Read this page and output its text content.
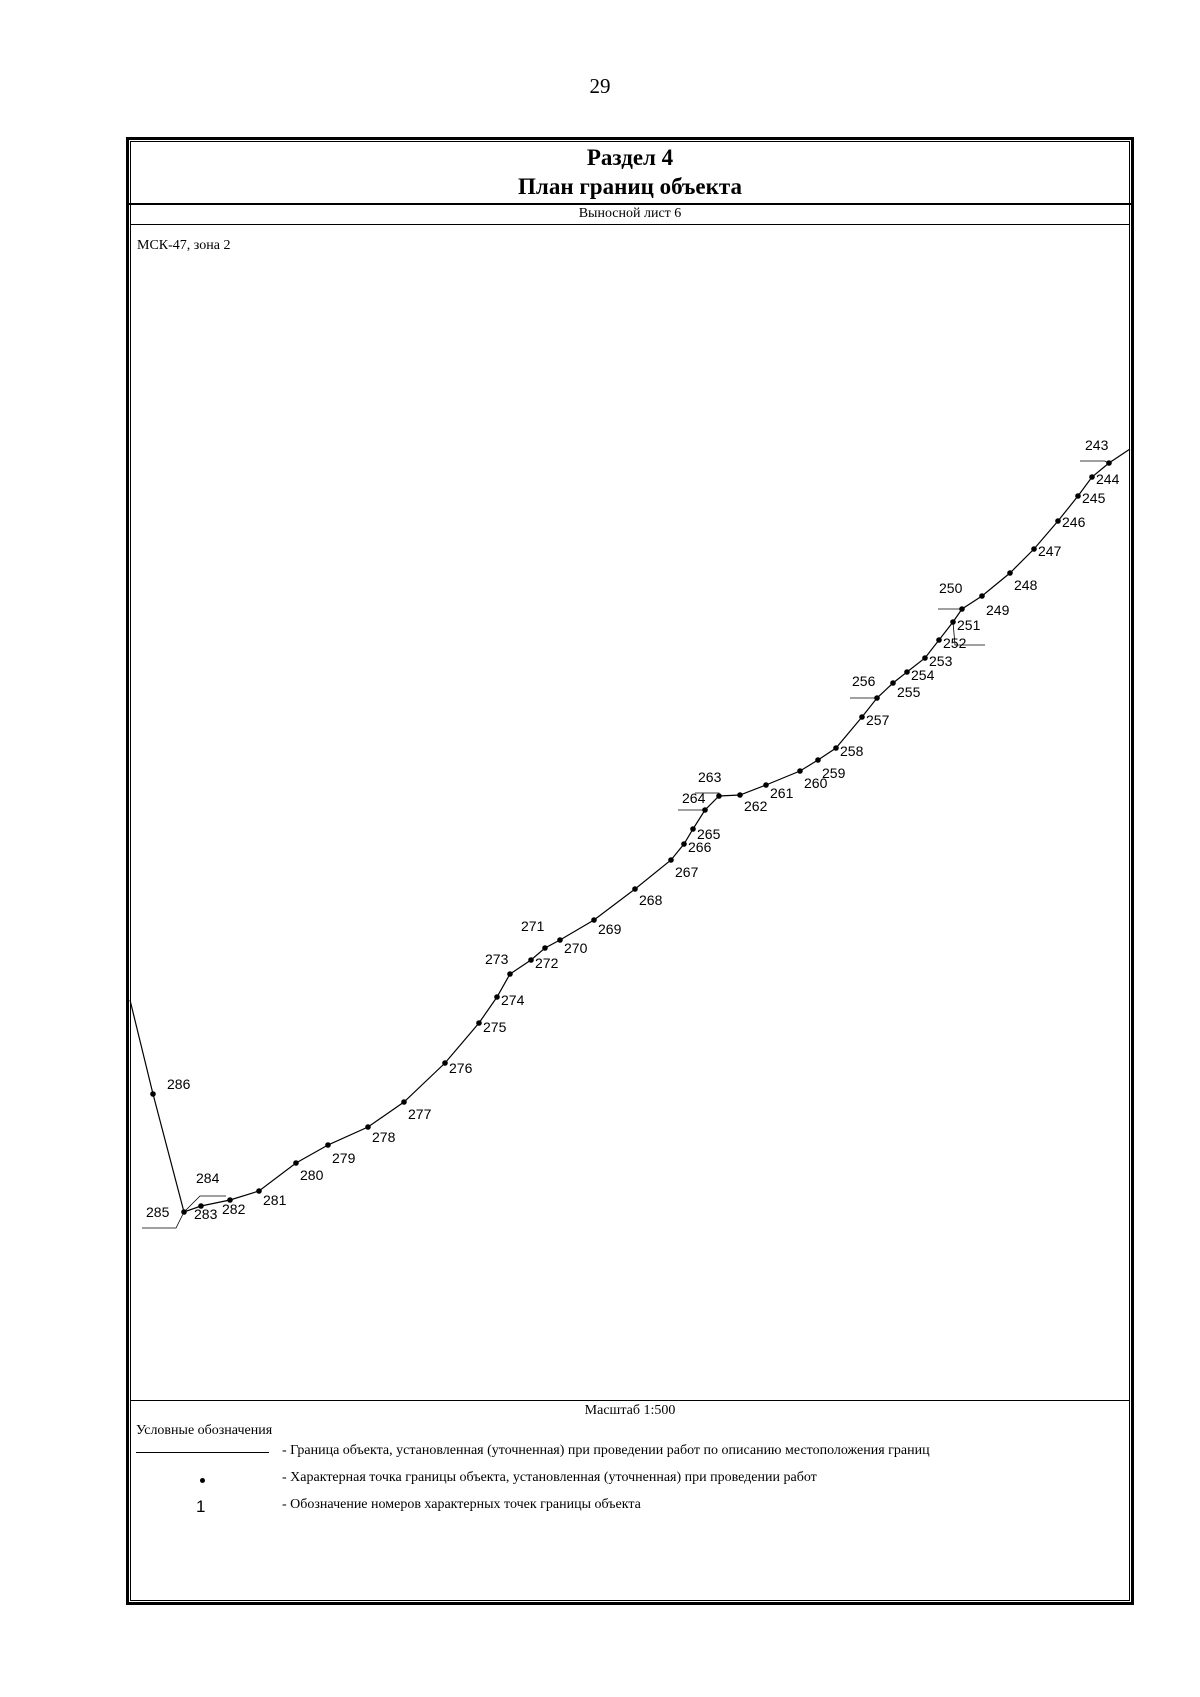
29
Раздел 4
План границ объекта
Выносной лист 6
МСК-47, зона 2
243
244
245
246
247
248
249
250
251
252
253
254
255
256
257
258
259
260
261
262
263
264
265
266
267
268
269
270
271
272
273
274
275
276
277
278
279
280
281
282
283
284
285
286
Масштаб 1:500
Условные обозначения
- Граница объекта, установленная (уточненная) при проведении работ по описанию местоположения границ
- Характерная точка границы объекта, установленная (уточненная) при проведении работ
1	- Обозначение номеров характерных точек границы объекта
